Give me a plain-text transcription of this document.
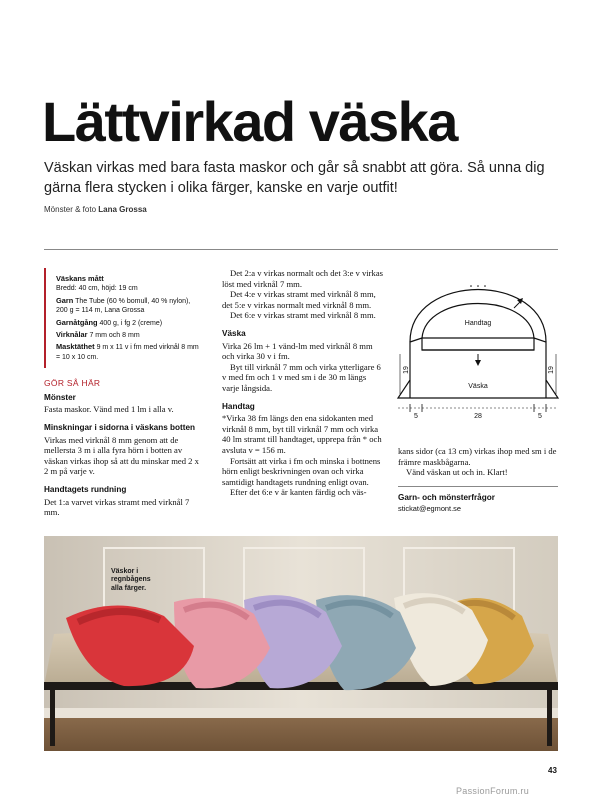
Lättvirkad väska

Väskan virkas med bara fasta maskor och går så snabbt att göra. Så unna dig gärna flera stycken i olika färger, kanske en varje outfit!

Mönster & foto Lana Grossa

Väskans mått
Bredd: 40 cm, höjd: 19 cm

Garn The Tube (60 % bomull, 40 % nylon), 200 g = 114 m, Lana Grossa

Garnåtgång 400 g, i fg 2 (creme)

Virknålar 7 mm och 8 mm

Masktäthet 9 m x 11 v i fm med virknål 8 mm = 10 x 10 cm.

GÖR SÅ HÄR
Mönster

Fasta maskor. Vänd med 1 lm i alla v.

Minskningar i sidorna i väskans botten

Virkas med virknål 8 mm genom att de mellersta 3 m i alla fyra hörn i botten av väskan virkas ihop så att du minskar med 2 x 2 m på varje v.

Handtagets rundning

Det 1:a varvet virkas stramt med virknål 7 mm.

Det 2:a v virkas normalt och det 3:e v virkas löst med virknål 7 mm.

Det 4:e v virkas stramt med virknål 8 mm, det 5:e v virkas normalt med virknål 8 mm.

Det 6:e v virkas stramt med virknål 8 mm.

Väska

Virka 26 lm + 1 vänd-lm med virknål 8 mm och virka 30 v i fm.

Byt till virknål 7 mm och virka ytterligare 6 v med fm och 1 v med sm i de 30 m längs varje långsida.

Handtag

*Virka 38 fm längs den ena sidokanten med virknål 8 mm, byt till virknål 7 mm och virka 40 lm stramt till handtaget, upprepa från * och avsluta v = 156 m.

Fortsätt att virka i fm och minska i bottnens hörn enligt beskrivningen ovan och virka samtidigt handtagets rundning enligt ovan.

Efter det 6:e v är kanten färdig och väs-

Handtag
Väska
19	19
5	28	5

kans sidor (ca 13 cm) virkas ihop med sm i de främre maskbågarna.

Vänd väskan ut och in. Klart!

Garn- och mönsterfrågor

stickat@egmont.se

Väskor i
regnbågens
alla färger.
43
PassionForum.ru
